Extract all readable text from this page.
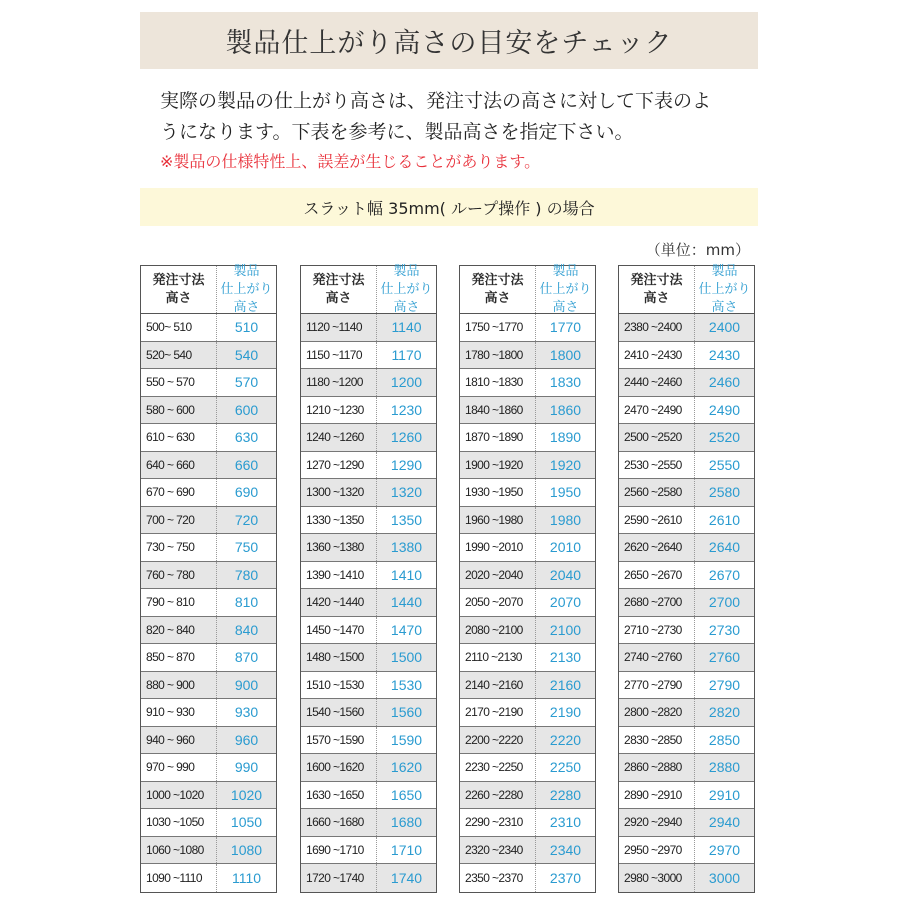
製品仕上がり高さの目安をチェック
実際の製品の仕上がり高さは、発注寸法の高さに対して下表のよ
うになります。下表を参考に、製品高さを指定下さい。
※製品の仕様特性上、誤差が生じることがあります。
スラット幅 35mm( ループ操作 ) の場合
（単位：mm）
発注寸法
高さ
製品
仕上がり高さ
500~ 510	510
520~ 540	540
550 ~ 570	570
580 ~ 600	600
610 ~ 630	630
640 ~ 660	660
670 ~ 690	690
700 ~ 720	720
730 ~ 750	750
760 ~ 780	780
790 ~ 810	810
820 ~ 840	840
850 ~ 870	870
880 ~ 900	900
910 ~ 930	930
940 ~ 960	960
970 ~ 990	990
1000 ~1020	1020
1030 ~1050	1050
1060 ~1080	1080
1090 ~1110	1110
発注寸法
高さ
製品
仕上がり高さ
1120 ~1140	1140
1150 ~1170	1170
1180 ~1200	1200
1210 ~1230	1230
1240 ~1260	1260
1270 ~1290	1290
1300 ~1320	1320
1330 ~1350	1350
1360 ~1380	1380
1390 ~1410	1410
1420 ~1440	1440
1450 ~1470	1470
1480 ~1500	1500
1510 ~1530	1530
1540 ~1560	1560
1570 ~1590	1590
1600 ~1620	1620
1630 ~1650	1650
1660 ~1680	1680
1690 ~1710	1710
1720 ~1740	1740
発注寸法
高さ
製品
仕上がり高さ
1750 ~1770	1770
1780 ~1800	1800
1810 ~1830	1830
1840 ~1860	1860
1870 ~1890	1890
1900 ~1920	1920
1930 ~1950	1950
1960 ~1980	1980
1990 ~2010	2010
2020 ~2040	2040
2050 ~2070	2070
2080 ~2100	2100
2110 ~2130	2130
2140 ~2160	2160
2170 ~2190	2190
2200 ~2220	2220
2230 ~2250	2250
2260 ~2280	2280
2290 ~2310	2310
2320 ~2340	2340
2350 ~2370	2370
発注寸法
高さ
製品
仕上がり高さ
2380 ~2400	2400
2410 ~2430	2430
2440 ~2460	2460
2470 ~2490	2490
2500 ~2520	2520
2530 ~2550	2550
2560 ~2580	2580
2590 ~2610	2610
2620 ~2640	2640
2650 ~2670	2670
2680 ~2700	2700
2710 ~2730	2730
2740 ~2760	2760
2770 ~2790	2790
2800 ~2820	2820
2830 ~2850	2850
2860 ~2880	2880
2890 ~2910	2910
2920 ~2940	2940
2950 ~2970	2970
2980 ~3000	3000
